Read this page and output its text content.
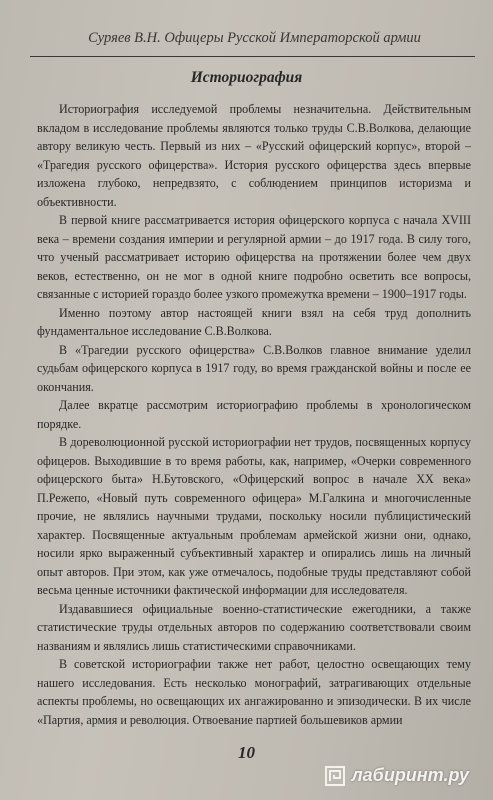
Суряев В.Н. Офицеры Русской Императорской армии
Историография

Историография исследуемой проблемы незначительна. Действительным вкладом в исследование проблемы являются только труды С.В.Волкова, делающие автору великую честь. Первый из них – «Русский офицерский корпус», второй – «Трагедия русского офицерства». История русского офицерства здесь впервые изложена глубоко, непредвзято, с соблюдением принципов историзма и объективности.

В первой книге рассматривается история офицерского корпуса с начала XVIII века – времени создания империи и регулярной армии – до 1917 года. В силу того, что ученый рассматривает историю офицерства на протяжении более чем двух веков, естественно, он не мог в одной книге подробно осветить все вопросы, связанные с историей гораздо более узкого промежутка времени – 1900–1917 годы.

Именно поэтому автор настоящей книги взял на себя труд дополнить фундаментальное исследование С.В.Волкова.

В «Трагедии русского офицерства» С.В.Волков главное внимание уделил судьбам офицерского корпуса в 1917 году, во время гражданской войны и после ее окончания.

Далее вкратце рассмотрим историографию проблемы в хронологическом порядке.

В дореволюционной русской историографии нет трудов, посвященных корпусу офицеров. Выходившие в то время работы, как, например, «Очерки современного офицерского быта» Н.Бутовского, «Офицерский вопрос в начале XX века» П.Режепо, «Новый путь современного офицера» М.Галкина и многочисленные прочие, не являлись научными трудами, поскольку носили публицистический характер. Посвященные актуальным проблемам армейской жизни они, однако, носили ярко выраженный субъективный характер и опирались лишь на личный опыт авторов. При этом, как уже отмечалось, подобные труды представляют собой весьма ценные источники фактической информации для исследователя.

Издававшиеся официальные военно-статистические ежегодники, а также статистические труды отдельных авторов по содержанию соответствовали своим названиям и являлись лишь статистическими справочниками.

В советской историографии также нет работ, целостно освещающих тему нашего исследования. Есть несколько монографий, затрагивающих отдельные аспекты проблемы, но освещающих их ангажированно и эпизодически. В их числе «Партия, армия и революция. Отвоевание партией большевиков армии

10
лабиринт.ру
